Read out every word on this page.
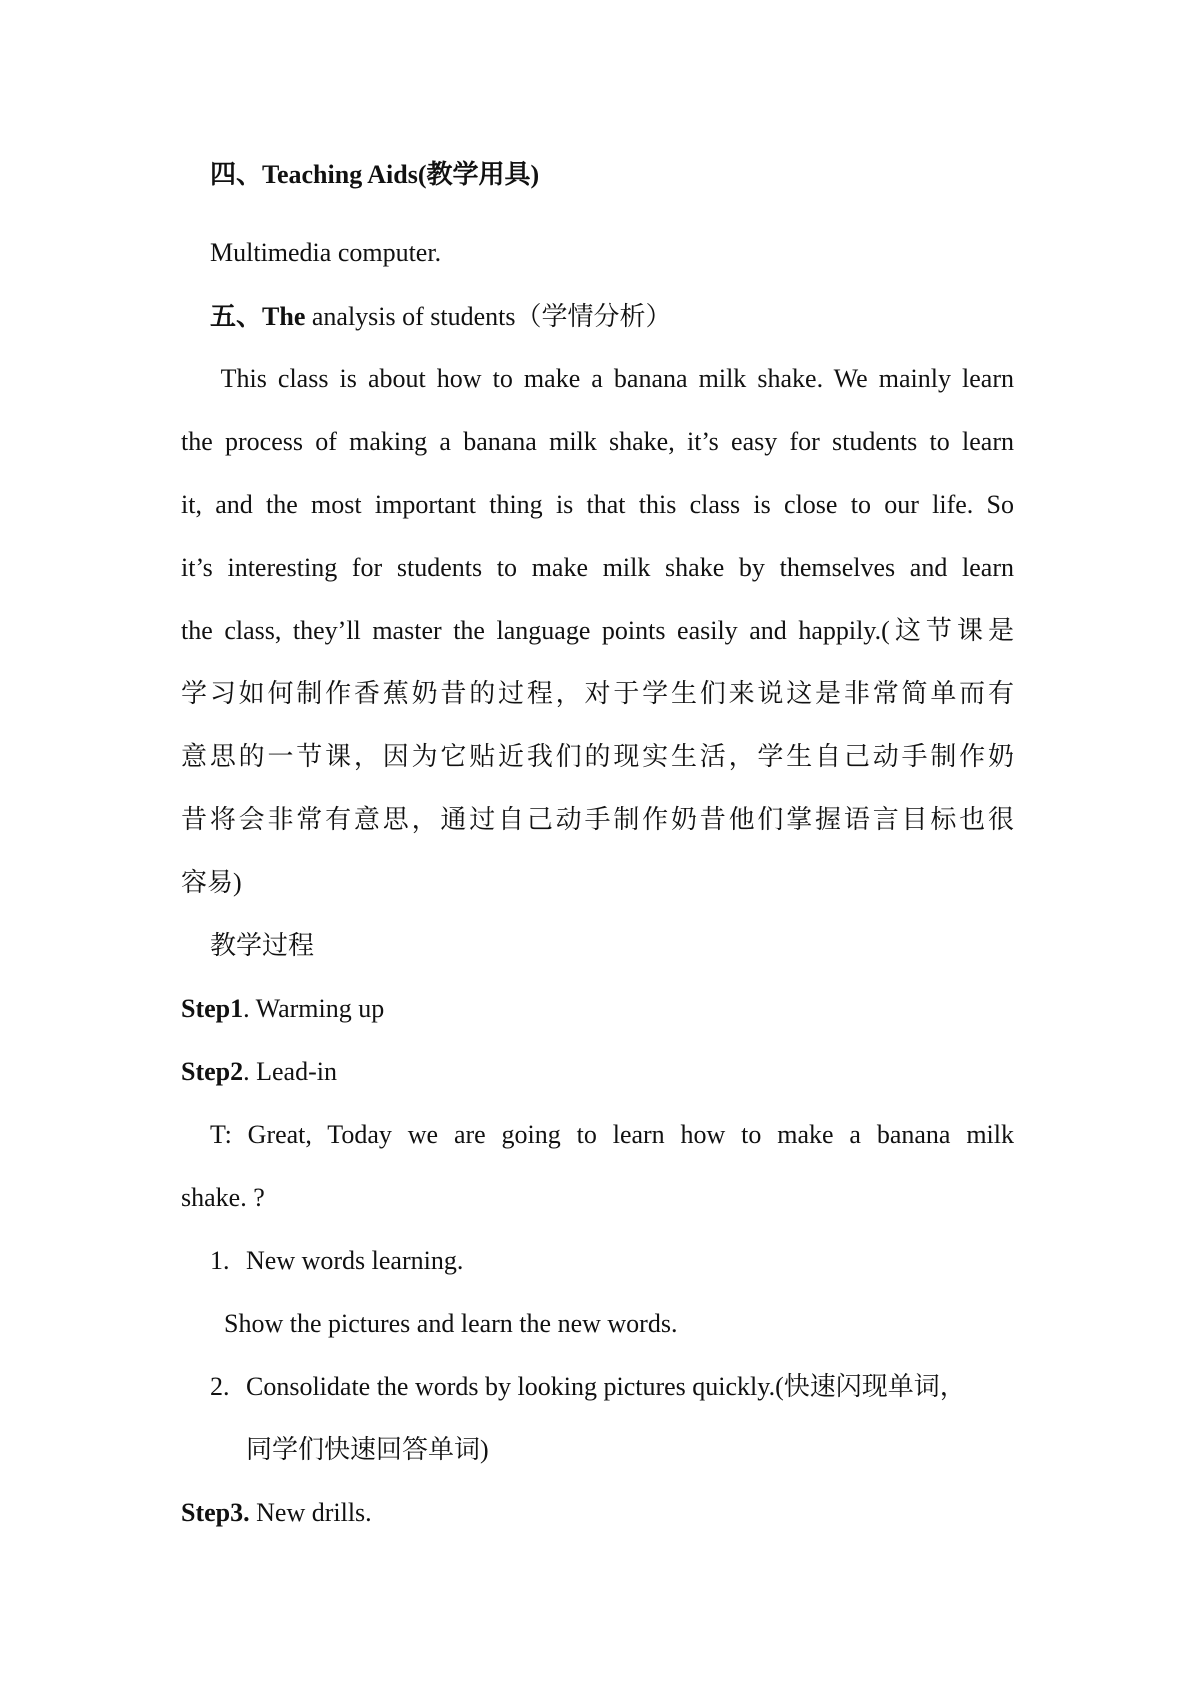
四、Teaching Aids(教学用具)
Multimedia computer.
五、The analysis of students（学情分析）
This class is about how to make a banana milk shake. We mainly learn
the process of making a banana milk shake, it’s easy for students to learn
it, and the most important thing is that this class is close to our life. So
it’s interesting for students to make milk shake by themselves and learn
the class, they’ll master the language points easily and happily.(这节课是
学习如何制作香蕉奶昔的过程，对于学生们来说这是非常简单而有
意思的一节课，因为它贴近我们的现实生活，学生自己动手制作奶
昔将会非常有意思，通过自己动手制作奶昔他们掌握语言目标也很
容易)
教学过程
Step1. Warming up
Step2. Lead-in
T: Great, Today we are going to learn how to make a banana milk
shake. ?
1. New words learning.
Show the pictures and learn the new words.
2. Consolidate the words by looking pictures quickly.(快速闪现单词，
同学们快速回答单词)
Step3. New drills.
